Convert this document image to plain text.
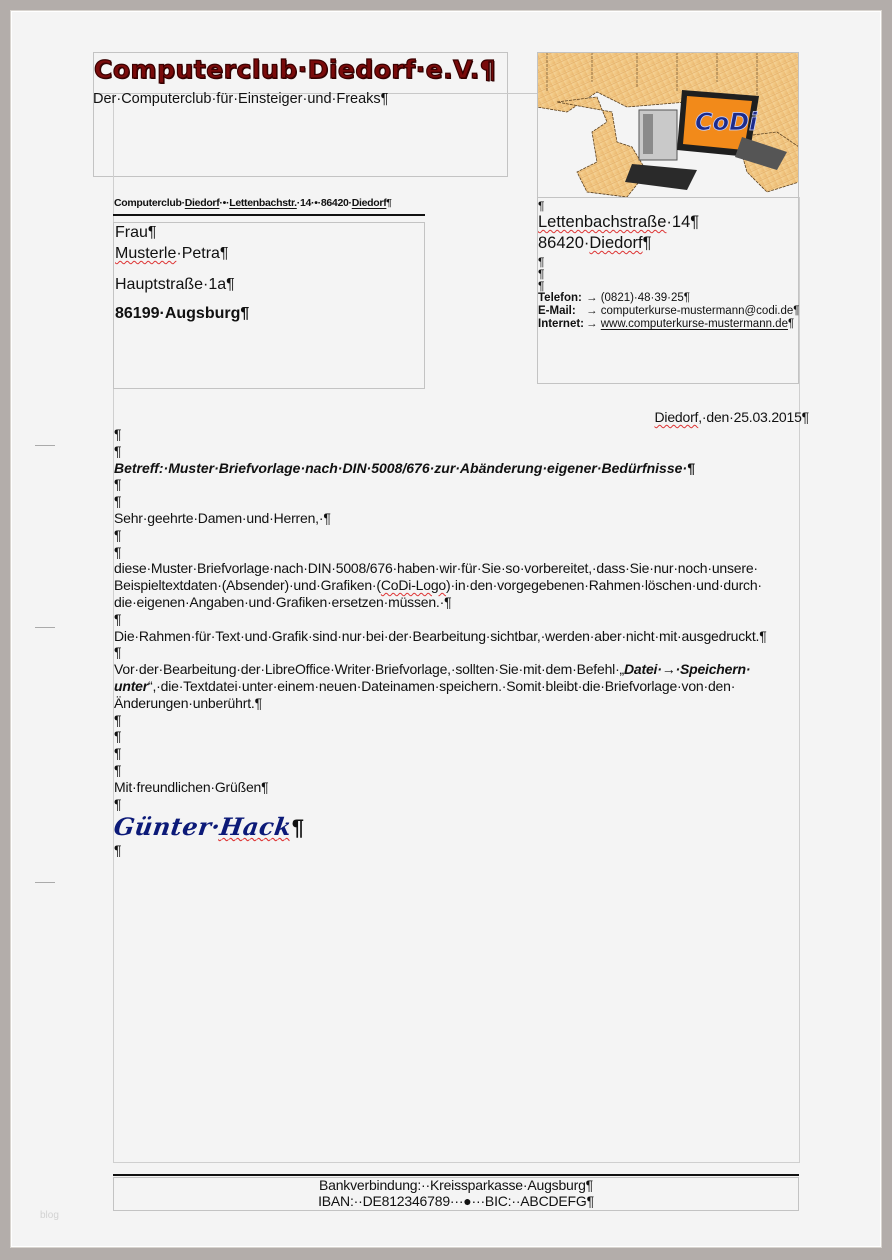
Computerclub·Diedorf·e.V.¶
Der·Computerclub·für·Einsteiger·und·Freaks¶
CoDi
Computerclub·Diedorf·•·Lettenbachstr.·14·•·86420·Diedorf¶
Frau¶
Musterle·Petra¶
Hauptstraße·1a¶
86199·Augsburg¶
¶
Lettenbachstraße·14¶
86420·Diedorf¶
¶
¶
¶
Telefon: → (0821)·48·39·25¶
E-Mail: → computerkurse-mustermann@codi.de¶
Internet: → www.computerkurse-mustermann.de¶
Diedorf,·den·25.03.2015¶
¶
¶
Betreff:·Muster·Briefvorlage·nach·DIN·5008/676·zur·Abänderung·eigener·Bedürfnisse·¶
¶
¶
Sehr·geehrte·Damen·und·Herren,·¶
¶
¶
diese·Muster·Briefvorlage·nach·DIN·5008/676·haben·wir·für·Sie·so·vorbereitet,·dass·Sie·nur·noch·unsere·
Beispieltextdaten·(Absender)·und·Grafiken·(CoDi-Logo)·in·den·vorgegebenen·Rahmen·löschen·und·durch·
die·eigenen·Angaben·und·Grafiken·ersetzen·müssen.·¶
¶
Die·Rahmen·für·Text·und·Grafik·sind·nur·bei·der·Bearbeitung·sichtbar,·werden·aber·nicht·mit·ausgedruckt.¶
¶
Vor·der·Bearbeitung·der·LibreOffice·Writer·Briefvorlage,·sollten·Sie·mit·dem·Befehl·„Datei·→·Speichern·
unter“,·die·Textdatei·unter·einem·neuen·Dateinamen·speichern.·Somit·bleibt·die·Briefvorlage·von·den·
Änderungen·unberührt.¶
¶
¶
¶
¶
Mit·freundlichen·Grüßen¶
¶
Günter·Hack¶
¶
Bankverbindung:··Kreissparkasse·Augsburg¶
IBAN:··DE812346789···●···BIC:··ABCDEFG¶
blog
